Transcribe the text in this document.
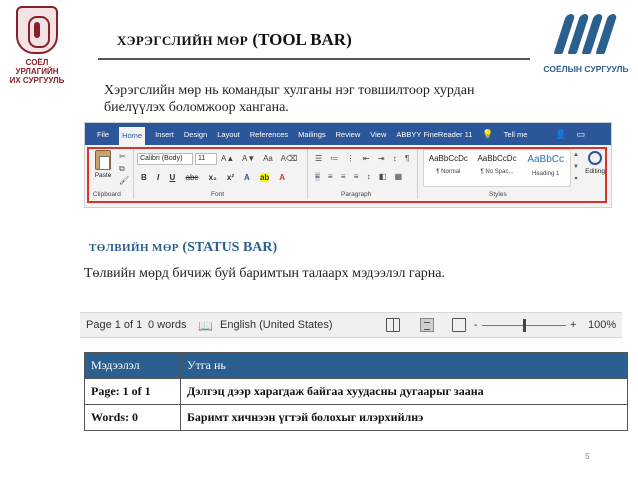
СОЁЛ УРЛАГИЙН
ИХ СУРГУУЛЬ
СОЁЛЫН СУРГУУЛЬ
ХЭРЭГСЛИЙН МӨР (TOOL BAR)
Хэрэгслийн мөр нь командыг хулганы нэг товшилтоор хурдан биелүүлэх боломжоор хангана.
File	Home	Insert Design Layout References Mailings Review View ABBYY FineReader 11 💡 Tell me	👤 ▭
Paste
✂
⧉
🖌
Clipboard
Calibri (Body)	11	A▲ A▼ Aa A⌫
B I U abc x₂ x² A ab A
Font
☰ ≔ ⋮ ⇤ ⇥ ↕ ¶
≡ ≡ ≡ ≡ ↕ ◧ ▦
Paragraph
AaBbCcDc
¶ Normal
AaBbCcDc
¶ No Spac...
AaBbCc
Heading 1
▲
▼
▾
Styles
Editing
ТӨЛВИЙН МӨР (STATUS BAR)
Төлвийн мөрд бичиж буй баримтын талаарх мэдээлэл гарна.
Page 1 of 1 0 words 📖 English (United States)	-	+ 100%
Мэдээлэл	Утга нь
Page: 1 of 1	Дэлгэц дээр харагдаж байгаа хуудасны дугаарыг заана
Words: 0	Баримт хичнээн үгтэй болохыг илэрхийлнэ
5
